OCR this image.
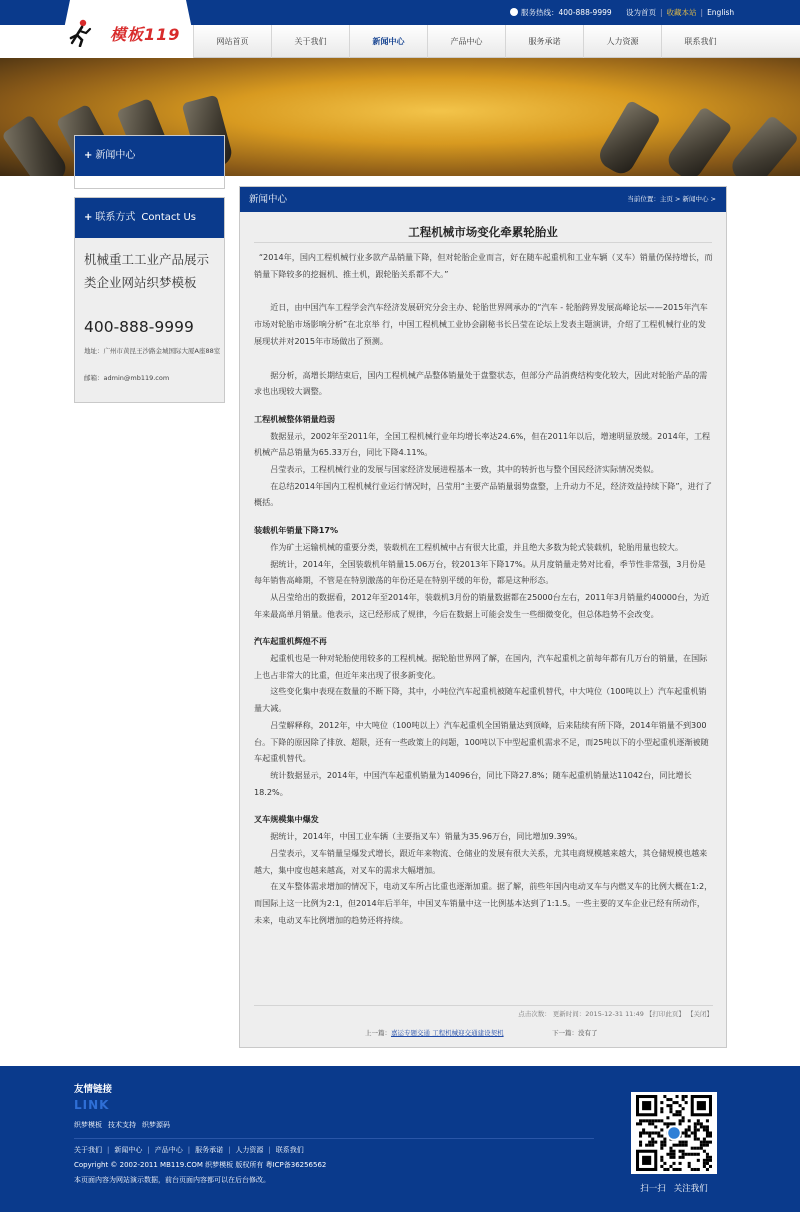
服务热线：400-888-9999 设为首页 | 收藏本站 | English
模板119	网站首页	关于我们	新闻中心	产品中心	服务承诺	人力资源	联系我们
+ 新闻中心
+ 联系方式 Contact Us
机械重工工业产品展示类企业网站织梦模板
400-888-9999
地址：广州市黄昆王沙路金城国际大厦A座88室
邮箱：admin@mb119.com
新闻中心	当前位置：主页 > 新闻中心 >
工程机械市场变化牵累轮胎业

“2014年，国内工程机械行业多款产品销量下降，但对轮胎企业而言，好在随车起重机和工业车辆（叉车）销量仍保持增长，而销量下降较多的挖掘机、推土机，跟轮胎关系都不大。”

近日，由中国汽车工程学会汽车经济发展研究分会主办、轮胎世界网承办的“汽车 - 轮胎跨界发展高峰论坛——2015年汽车市场对轮胎市场影响分析”在北京举 行，中国工程机械工业协会副秘书长吕莹在论坛上发表主题演讲，介绍了工程机械行业的发展现状并对2015年市场做出了预测。

据分析，高增长期结束后，国内工程机械产品整体销量处于盘整状态，但部分产品消费结构变化较大，因此对轮胎产品的需求也出现较大调整。

工程机械整体销量趋弱

数据显示，2002年至2011年，全国工程机械行业年均增长率达24.6%，但在2011年以后，增速明显放缓。2014年，工程机械产品总销量为65.33万台，同比下降4.11%。

吕莹表示，工程机械行业的发展与国家经济发展进程基本一致，其中的转折也与整个国民经济实际情况类似。

在总结2014年国内工程机械行业运行情况时，吕莹用“主要产品销量弱势盘整，上升动力不足，经济效益持续下降”，进行了概括。

装载机年销量下降17%

作为矿土运输机械的重要分类，装载机在工程机械中占有很大比重，并且绝大多数为轮式装载机，轮胎用量也较大。

据统计，2014年，全国装载机年销量15.06万台，较2013年下降17%。从月度销量走势对比看，季节性非常强，3月份是每年销售高峰期，不管是在特别激荡的年份还是在特别平缓的年份，都是这种形态。

从吕莹给出的数据看，2012年至2014年，装载机3月份的销量数据都在25000台左右，2011年3月销量约40000台，为近年来最高单月销量。他表示，这已经形成了规律，今后在数据上可能会发生一些细微变化，但总体趋势不会改变。

汽车起重机辉煌不再

起重机也是一种对轮胎使用较多的工程机械。据轮胎世界网了解，在国内，汽车起重机之前每年都有几万台的销量，在国际上也占非常大的比重，但近年来出现了很多新变化。

这些变化集中表现在数量的不断下降，其中，小吨位汽车起重机被随车起重机替代，中大吨位（100吨以上）汽车起重机销量大减。

吕莹解释称，2012年，中大吨位（100吨以上）汽车起重机全国销量达到顶峰，后来陆续有所下降，2014年销量不到300台。下降的原因除了排放、超限，还有一些政策上的问题，100吨以下中型起重机需求不足，而25吨以下的小型起重机逐渐被随车起重机替代。

统计数据显示，2014年，中国汽车起重机销量为14096台，同比下降27.8%；随车起重机销量达11042台，同比增长18.2%。

叉车规模集中爆发

据统计，2014年，中国工业车辆（主要指叉车）销量为35.96万台，同比增加9.39%。

吕莹表示，叉车销量呈爆发式增长，跟近年来物流、仓储业的发展有很大关系，尤其电商规模越来越大，其仓储规模也越来越大，集中度也越来越高，对叉车的需求大幅增加。

在叉车整体需求增加的情况下，电动叉车所占比重也逐渐加重。据了解，前些年国内电动叉车与内燃叉车的比例大概在1:2，而国际上这一比例为2:1，但2014年后半年，中国叉车销量中这一比例基本达到了1:1.5。一些主要的叉车企业已经有所动作，未来，电动叉车比例增加的趋势还将持续。

点击次数： 更新时间：2015-12-31 11:49 【打印此页】 【关闭】
上一篇：嘉运专题交通 工程机械迎交通建设契机	下一篇：没有了
友情链接
LINK
织梦模板 技术支持 织梦源码
关于我们 | 新闻中心 | 产品中心 | 服务承诺 | 人力资源 | 联系我们
Copyright © 2002-2011 MB119.COM 织梦模板 版权所有 粤ICP备36256562
本页面内容为网站演示数据，前台页面内容都可以在后台修改。
扫一扫 关注我们
